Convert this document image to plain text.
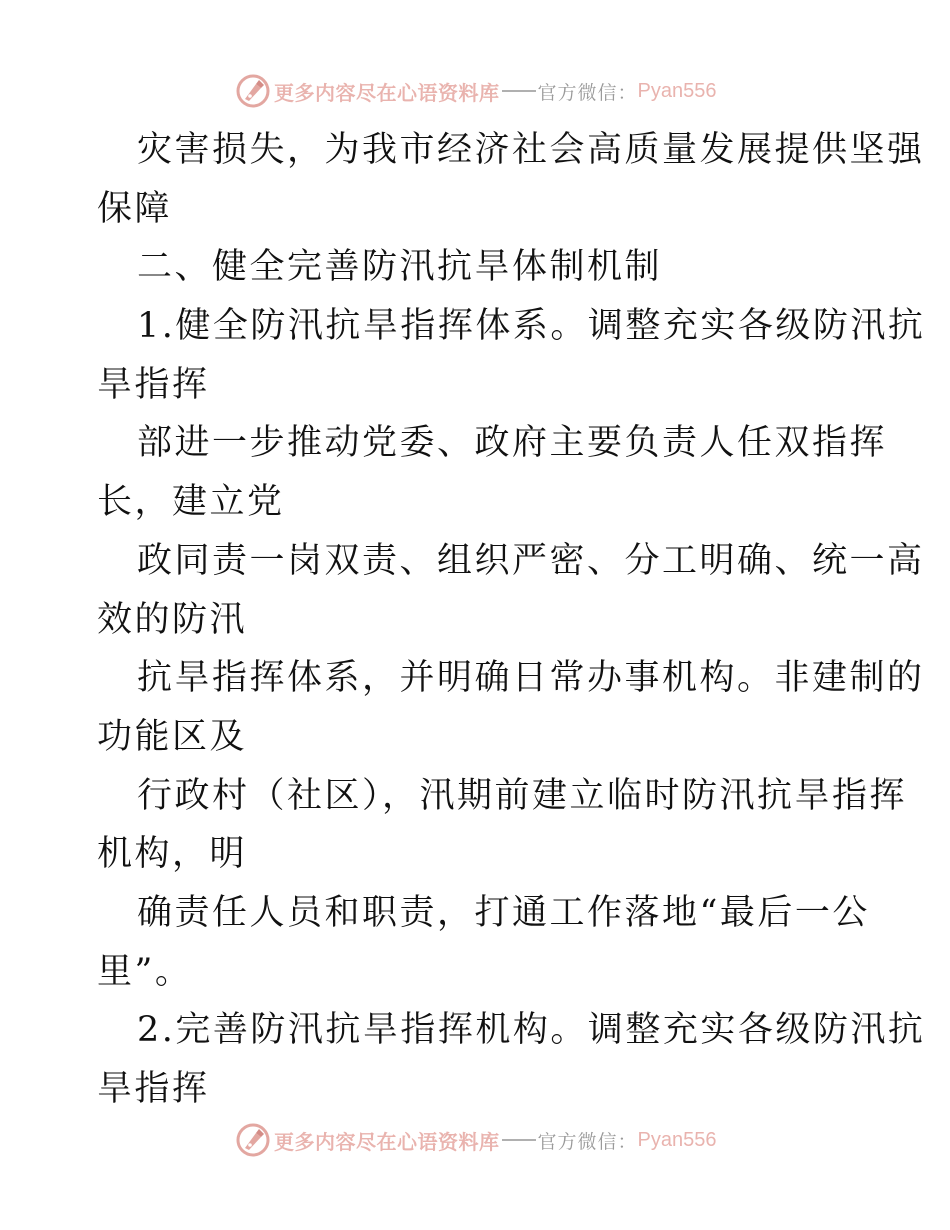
更多内容尽在心语资料库 官方微信： Pyan556
灾害损失，为我市经济社会高质量发展提供坚强
保障
二、健全完善防汛抗旱体制机制
1.健全防汛抗旱指挥体系。调整充实各级防汛抗
旱指挥
部进一步推动党委、政府主要负责人任双指挥
长，建立党
政同责一岗双责、组织严密、分工明确、统一高
效的防汛
抗旱指挥体系，并明确日常办事机构。非建制的
功能区及
行政村（社区），汛期前建立临时防汛抗旱指挥
机构，明
确责任人员和职责，打通工作落地“最后一公
里”。
2.完善防汛抗旱指挥机构。调整充实各级防汛抗
旱指挥
更多内容尽在心语资料库 官方微信： Pyan556
